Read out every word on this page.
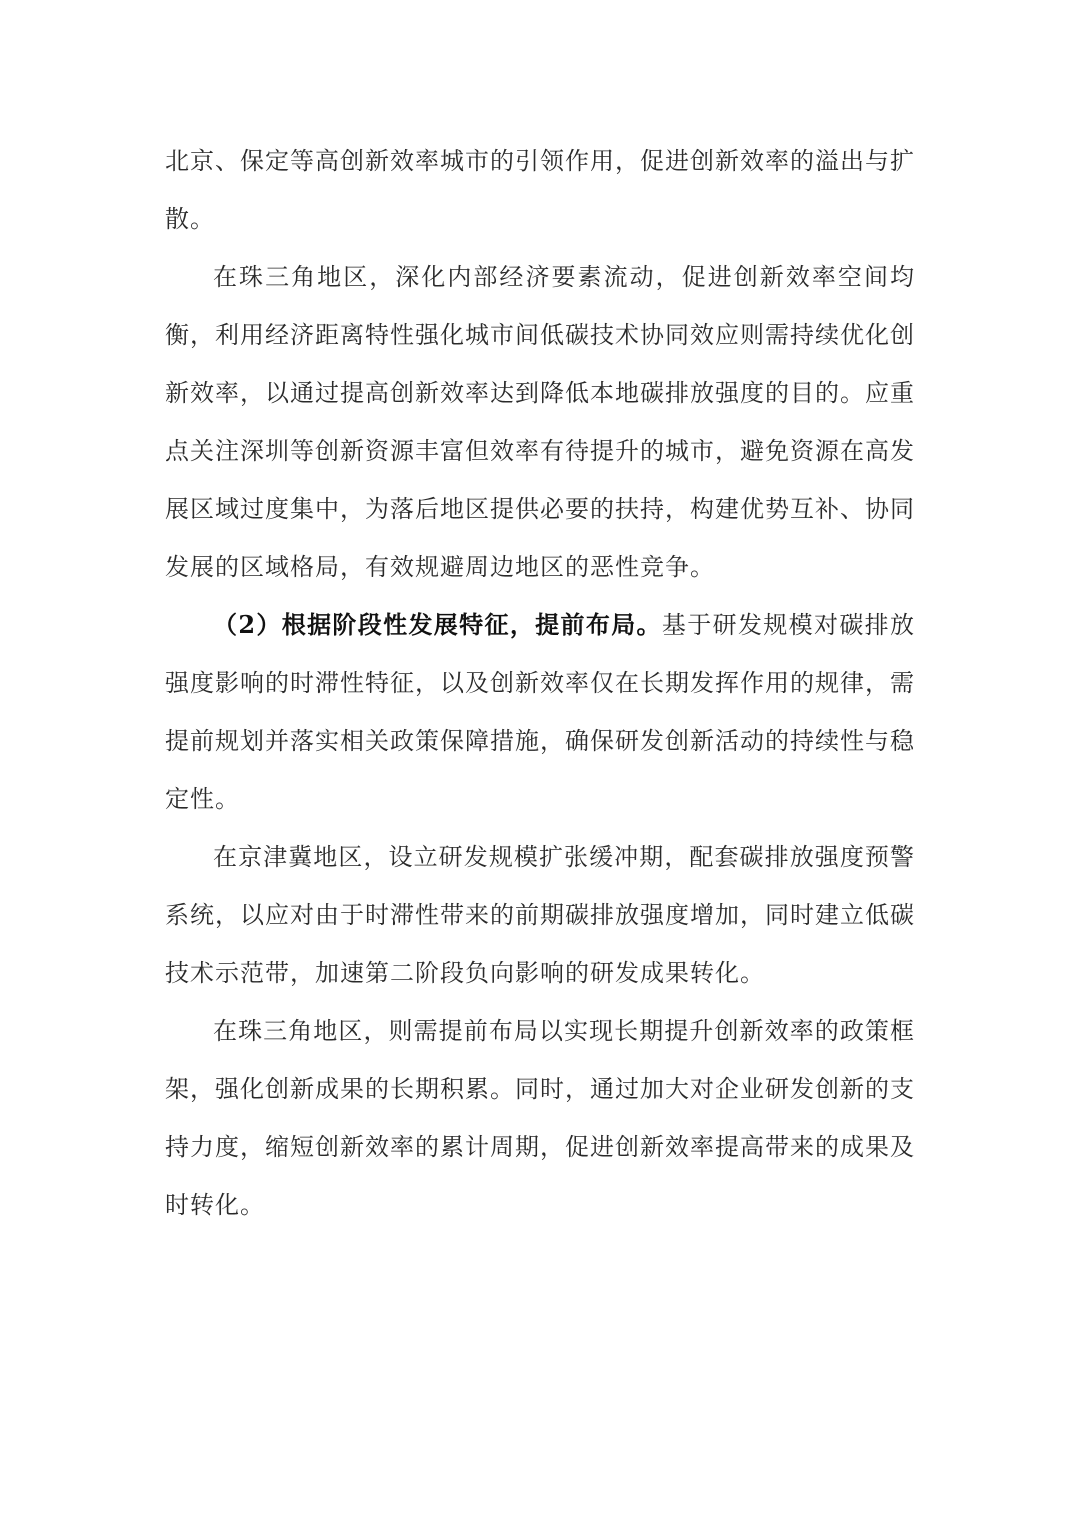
北京、保定等高创新效率城市的引领作用，促进创新效率的溢出与扩散。

在珠三角地区，深化内部经济要素流动，促进创新效率空间均衡，利用经济距离特性强化城市间低碳技术协同效应则需持续优化创新效率，以通过提高创新效率达到降低本地碳排放强度的目的。应重点关注深圳等创新资源丰富但效率有待提升的城市，避免资源在高发展区域过度集中，为落后地区提供必要的扶持，构建优势互补、协同发展的区域格局，有效规避周边地区的恶性竞争。

（2）根据阶段性发展特征，提前布局。基于研发规模对碳排放强度影响的时滞性特征，以及创新效率仅在长期发挥作用的规律，需提前规划并落实相关政策保障措施，确保研发创新活动的持续性与稳定性。

在京津冀地区，设立研发规模扩张缓冲期，配套碳排放强度预警系统，以应对由于时滞性带来的前期碳排放强度增加，同时建立低碳技术示范带，加速第二阶段负向影响的研发成果转化。

在珠三角地区，则需提前布局以实现长期提升创新效率的政策框架，强化创新成果的长期积累。同时，通过加大对企业研发创新的支持力度，缩短创新效率的累计周期，促进创新效率提高带来的成果及时转化。
